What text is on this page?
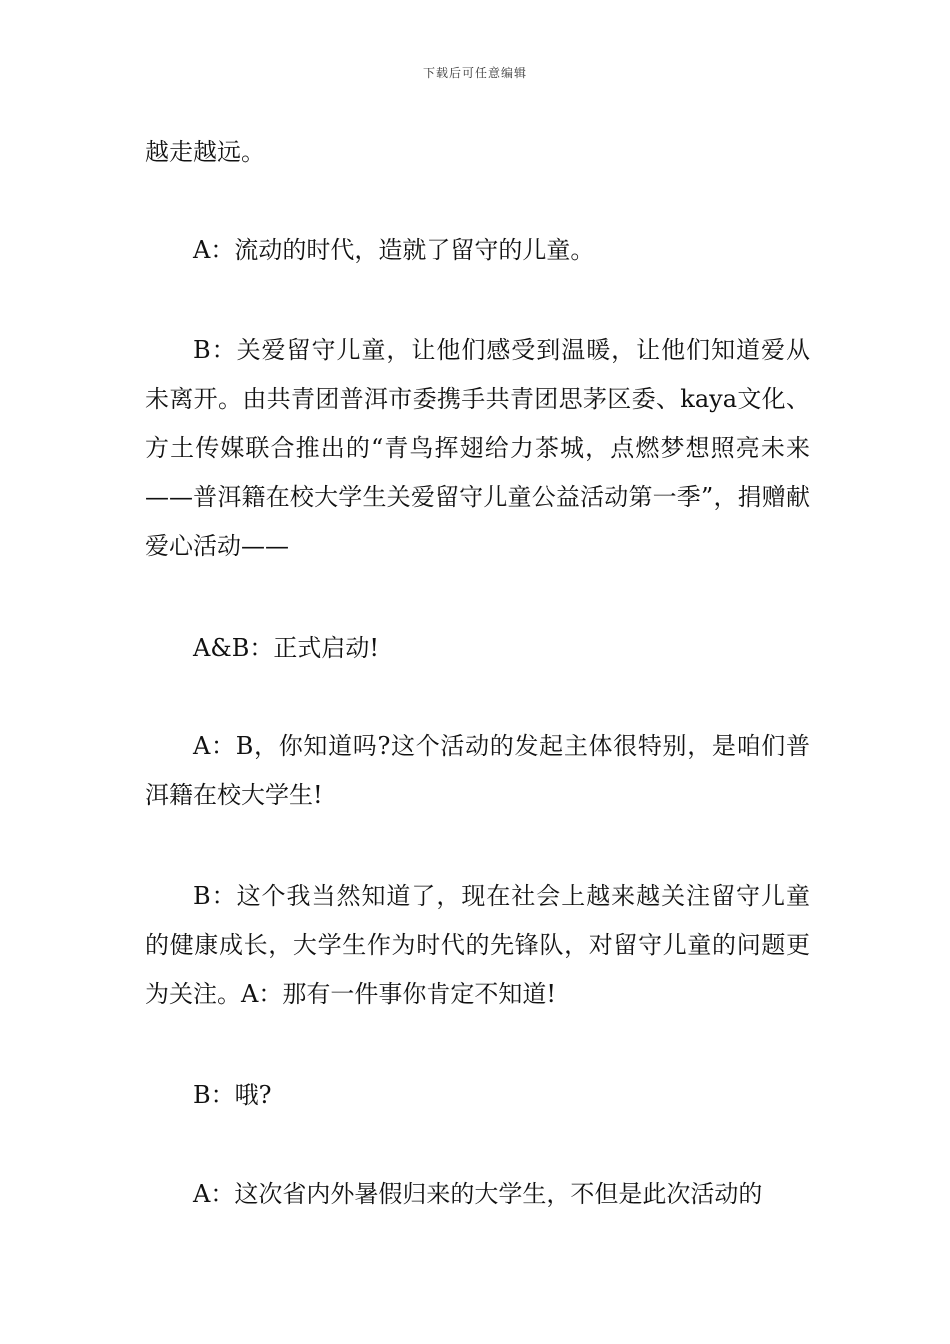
下载后可任意编辑

越走越远。

A：流动的时代，造就了留守的儿童。

B：关爱留守儿童，让他们感受到温暖，让他们知道爱从未离开。由共青团普洱市委携手共青团思茅区委、kaya文化、方土传媒联合推出的“青鸟挥翅给力茶城，点燃梦想照亮未来——普洱籍在校大学生关爱留守儿童公益活动第一季”，捐赠献爱心活动——

A&B：正式启动!

A：B，你知道吗?这个活动的发起主体很特别，是咱们普洱籍在校大学生!

B：这个我当然知道了，现在社会上越来越关注留守儿童的健康成长，大学生作为时代的先锋队，对留守儿童的问题更为关注。A：那有一件事你肯定不知道!

B：哦?

A：这次省内外暑假归来的大学生，不但是此次活动的
